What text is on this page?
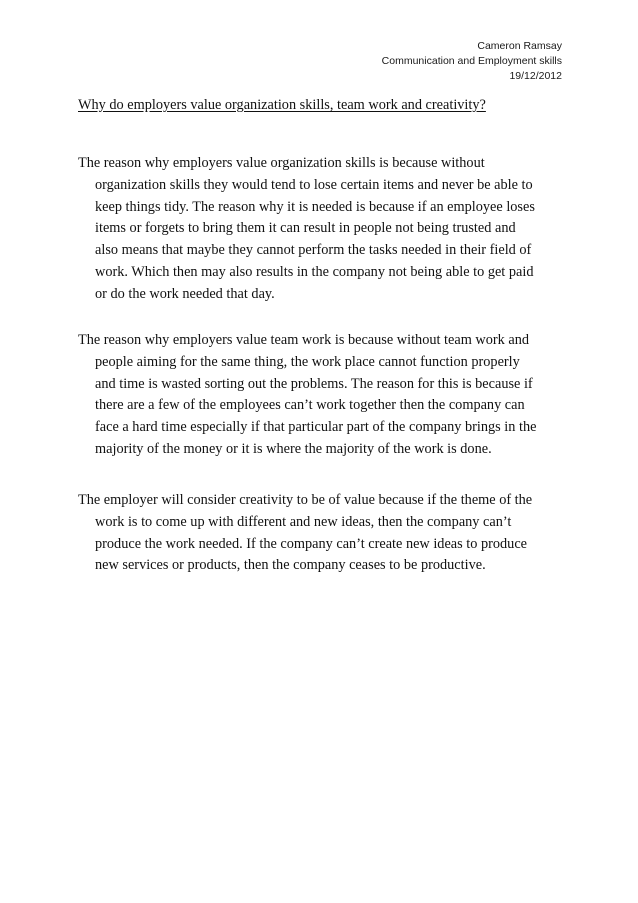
Cameron Ramsay
Communication and Employment skills
19/12/2012
Why do employers value organization skills, team work and creativity?
The reason why employers value organization skills is because without
organization skills they would tend to lose certain items and never be able to
keep things tidy. The reason why it is needed is because if an employee loses
items or forgets to bring them it can result in people not being trusted and
also means that maybe they cannot perform the tasks needed in their field of
work. Which then may also results in the company not being able to get paid
or do the work needed that day.
The reason why employers value team work is because without team work and
people aiming for the same thing, the work place cannot function properly
and time is wasted sorting out the problems. The reason for this is because if
there are a few of the employees can’t work together then the company can
face a hard time especially if that particular part of the company brings in the
majority of the money or it is where the majority of the work is done.
The employer will consider creativity to be of value because if the theme of the
work is to come up with different and new ideas, then the company can’t
produce the work needed. If the company can’t create new ideas to produce
new services or products, then the company ceases to be productive.
